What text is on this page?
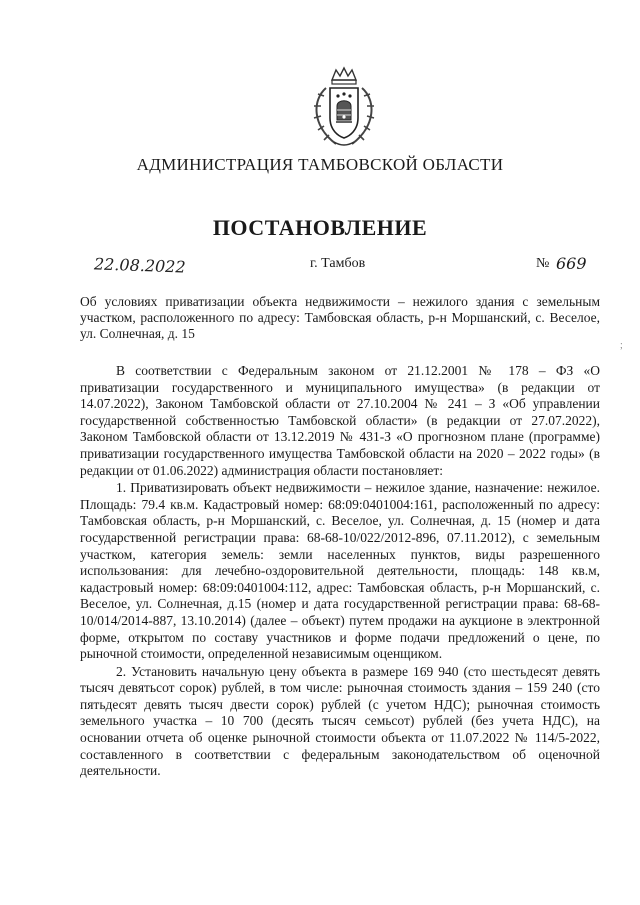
АДМИНИСТРАЦИЯ ТАМБОВСКОЙ ОБЛАСТИ
ПОСТАНОВЛЕНИЕ
22.08.2022	г. Тамбов	№ 669
Об условиях приватизации объекта недвижимости – нежилого здания с земельным участком, расположенного по адресу: Тамбовская область, р-н Моршанский, с. Веселое, ул. Солнечная, д. 15
;

В соответствии с Федеральным законом от 21.12.2001 № 178 – ФЗ «О приватизации государственного и муниципального имущества» (в редакции от 14.07.2022), Законом Тамбовской области от 27.10.2004 № 241 – З «Об управлении государственной собственностью Тамбовской области» (в редакции от 27.07.2022), Законом Тамбовской области от 13.12.2019 № 431-З «О прогнозном плане (программе) приватизации государственного имущества Тамбовской области на 2020 – 2022 годы» (в редакции от 01.06.2022) администрация области постановляет:

1. Приватизировать объект недвижимости – нежилое здание, назначение: нежилое. Площадь: 79.4 кв.м. Кадастровый номер: 68:09:0401004:161, расположенный по адресу: Тамбовская область, р-н Моршанский, с. Веселое, ул. Солнечная, д. 15 (номер и дата государственной регистрации права: 68-68-10/022/2012-896, 07.11.2012), с земельным участком, категория земель: земли населенных пунктов, виды разрешенного использования: для лечебно-оздоровительной деятельности, площадь: 148 кв.м, кадастровый номер: 68:09:0401004:112, адрес: Тамбовская область, р-н Моршанский, с. Веселое, ул. Солнечная, д.15 (номер и дата государственной регистрации права: 68-68-10/014/2014-887, 13.10.2014) (далее – объект) путем продажи на аукционе в электронной форме, открытом по составу участников и форме подачи предложений о цене, по рыночной стоимости, определенной независимым оценщиком.

2. Установить начальную цену объекта в размере 169 940 (сто шестьдесят девять тысяч девятьсот сорок) рублей, в том числе: рыночная стоимость здания – 159 240 (сто пятьдесят девять тысяч двести сорок) рублей (с учетом НДС); рыночная стоимость земельного участка – 10 700 (десять тысяч семьсот) рублей (без учета НДС), на основании отчета об оценке рыночной стоимости объекта от 11.07.2022 № 114/5-2022, составленного в соответствии с федеральным законодательством об оценочной деятельности.
